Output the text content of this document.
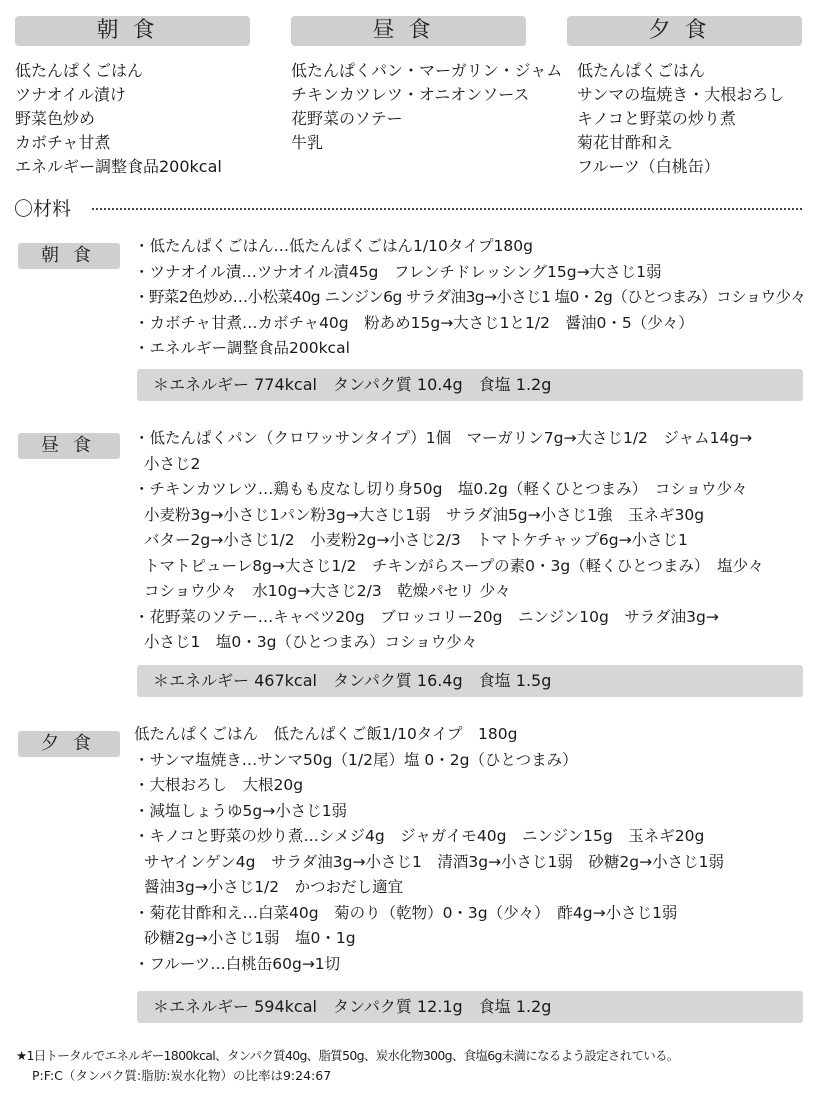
朝食	昼食	夕食
低たんぱくごはん
ツナオイル漬け
野菜色炒め
カボチャ甘煮
エネルギー調整食品200kcal
低たんぱくパン・マーガリン・ジャム
チキンカツレツ・オニオンソース
花野菜のソテー
牛乳
低たんぱくごはん
サンマの塩焼き・大根おろし
キノコと野菜の炒り煮
菊花甘酢和え
フルーツ（白桃缶）
〇材料
朝食	・低たんぱくごはん…低たんぱくごはん1/10タイプ180g
・ツナオイル漬…ツナオイル漬45g　フレンチドレッシング15g→大さじ1弱
・野菜2色炒め…小松菜40g ニンジン6g サラダ油3g→小さじ1 塩0・2g（ひとつまみ）コショウ少々
・カボチャ甘煮…カボチャ40g　粉あめ15g→大さじ1と1/2　醤油0・5（少々）
・エネルギー調整食品200kcal
＊エネルギー 774kcal　タンパク質 10.4g　食塩 1.2g
昼食	・低たんぱくパン（クロワッサンタイプ）1個　マーガリン7g→大さじ1/2　ジャム14g→
小さじ2
・チキンカツレツ…鶏もも皮なし切り身50g　塩0.2g（軽くひとつまみ）　コショウ少々
小麦粉3g→小さじ1パン粉3g→大さじ1弱　サラダ油5g→小さじ1強　玉ネギ30g
バター2g→小さじ1/2　小麦粉2g→小さじ2/3　トマトケチャップ6g→小さじ1
トマトピューレ8g→大さじ1/2　チキンがらスープの素0・3g（軽くひとつまみ）　塩少々
コショウ少々　水10g→大さじ2/3　乾燥パセリ 少々
・花野菜のソテー…キャベツ20g　ブロッコリー20g　ニンジン10g　サラダ油3g→
小さじ1　塩0・3g（ひとつまみ）コショウ少々
＊エネルギー 467kcal　タンパク質 16.4g　食塩 1.5g
夕食	低たんぱくごはん　低たんぱくご飯1/10タイプ　180g
・サンマ塩焼き…サンマ50g（1/2尾）塩 0・2g（ひとつまみ）
・大根おろし　大根20g
・減塩しょうゆ5g→小さじ1弱
・キノコと野菜の炒り煮…シメジ4g　ジャガイモ40g　ニンジン15g　玉ネギ20g
サヤインゲン4g　サラダ油3g→小さじ1　清酒3g→小さじ1弱　砂糖2g→小さじ1弱
醤油3g→小さじ1/2　かつおだし適宜
・菊花甘酢和え…白菜40g　菊のり（乾物）0・3g（少々）　酢4g→小さじ1弱
砂糖2g→小さじ1弱　塩0・1g
・フルーツ…白桃缶60g→1切
＊エネルギー 594kcal　タンパク質 12.1g　食塩 1.2g
★1日トータルでエネルギー1800kcal、タンパク質40g、脂質50g、炭水化物300g、食塩6g未満になるよう設定されている。
P:F:C（タンパク質:脂肪:炭水化物）の比率は9:24:67
